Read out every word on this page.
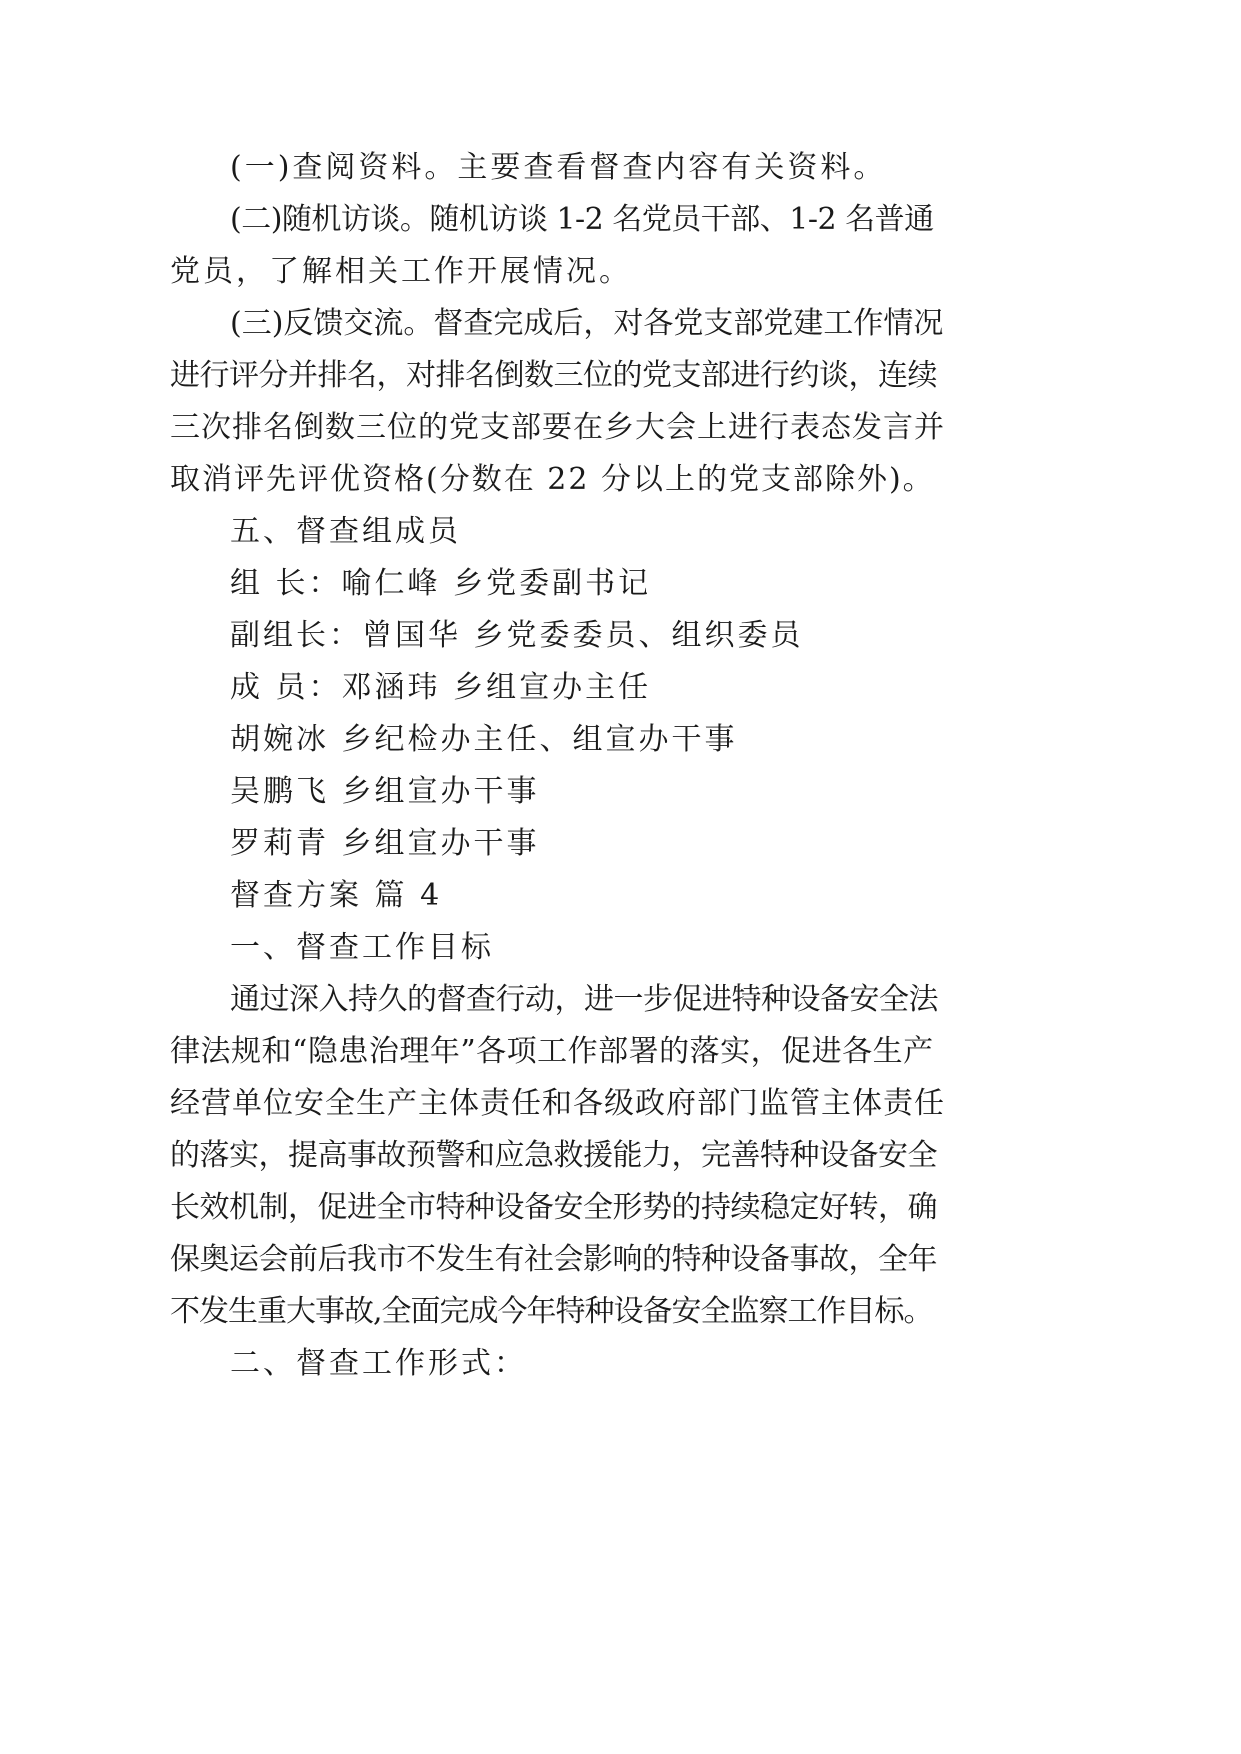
(一)查阅资料。主要查看督查内容有关资料。
(二)随机访谈。随机访谈 1-2 名党员干部、1-2 名普通
党员，了解相关工作开展情况。
(三)反馈交流。督查完成后，对各党支部党建工作情况
进行评分并排名，对排名倒数三位的党支部进行约谈，连续
三次排名倒数三位的党支部要在乡大会上进行表态发言并
取消评先评优资格(分数在 22 分以上的党支部除外)。
五、督查组成员
组 长：喻仁峰 乡党委副书记
副组长：曾国华 乡党委委员、组织委员
成 员：邓涵玮 乡组宣办主任
胡婉冰 乡纪检办主任、组宣办干事
吴鹏飞 乡组宣办干事
罗莉青 乡组宣办干事
督查方案 篇 4
一、督查工作目标
通过深入持久的督查行动，进一步促进特种设备安全法
律法规和“隐患治理年”各项工作部署的落实，促进各生产
经营单位安全生产主体责任和各级政府部门监管主体责任
的落实，提高事故预警和应急救援能力，完善特种设备安全
长效机制，促进全市特种设备安全形势的持续稳定好转，确
保奥运会前后我市不发生有社会影响的特种设备事故，全年
不发生重大事故,全面完成今年特种设备安全监察工作目标。
二、督查工作形式：
